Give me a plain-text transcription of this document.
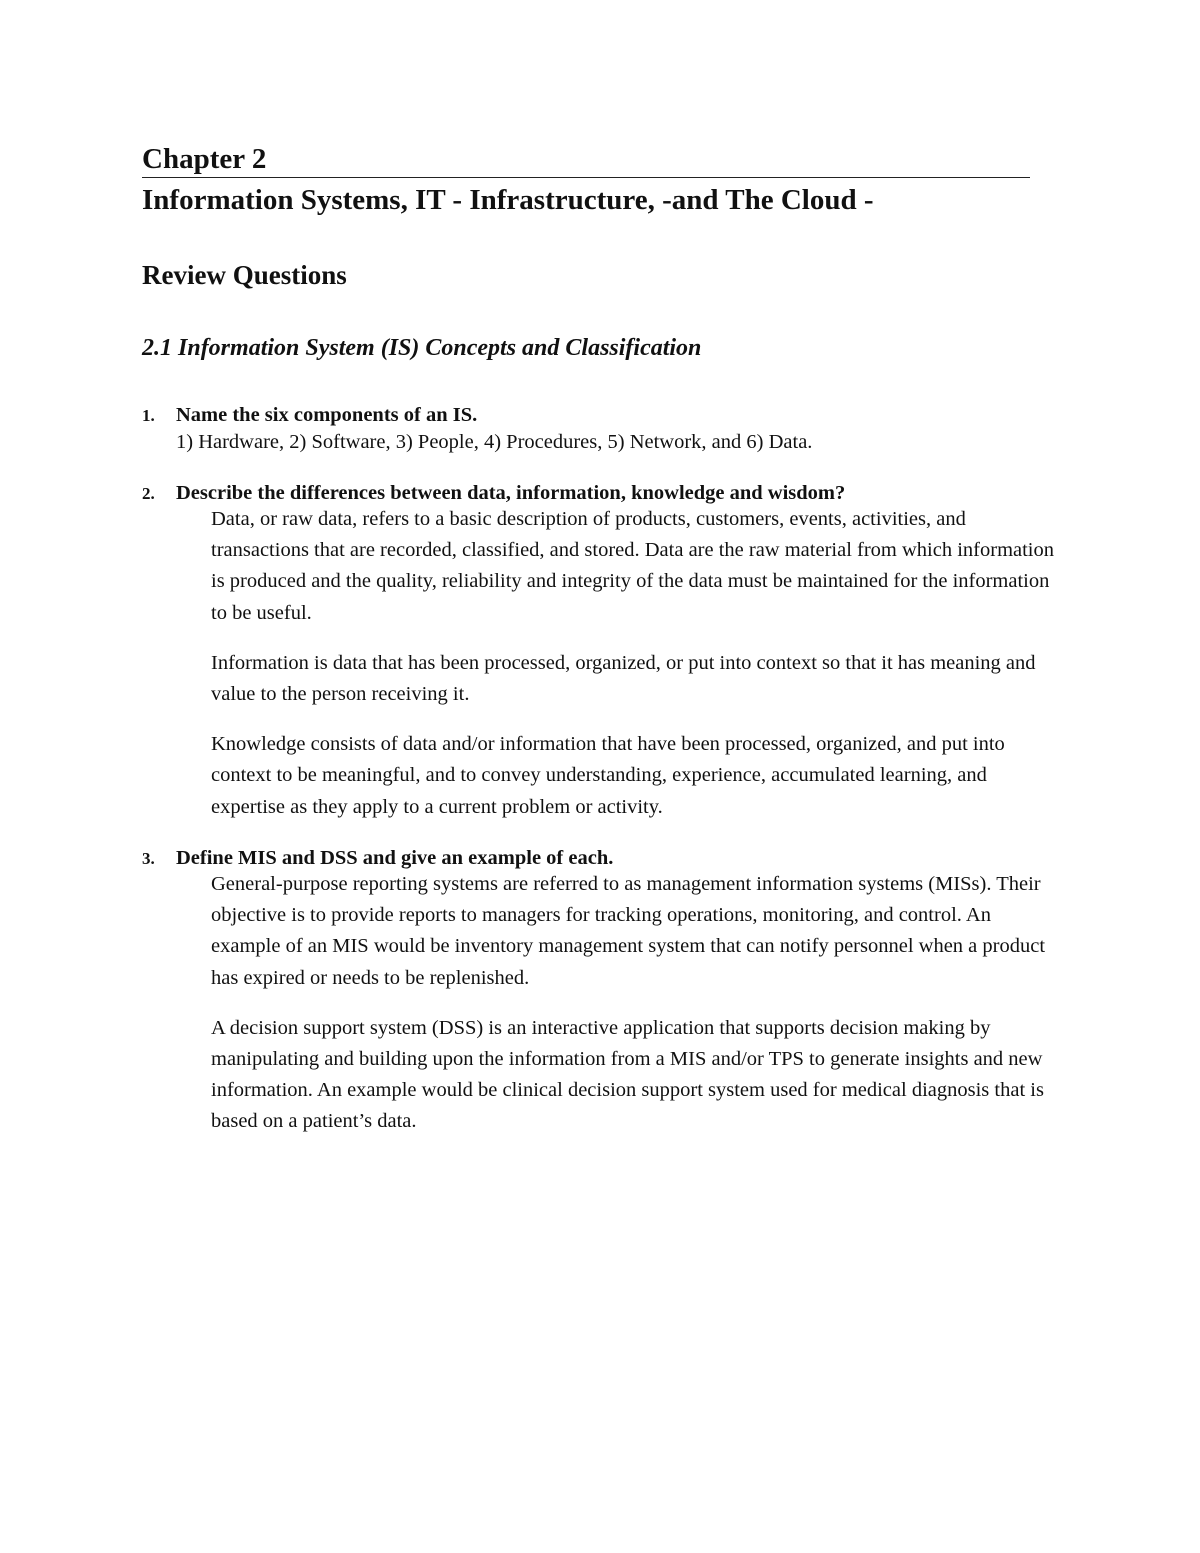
Chapter 2
Information Systems, IT - Infrastructure, -and The Cloud -
Review Questions
2.1 Information System (IS) Concepts and Classification
1. Name the six components of an IS.
1) Hardware, 2) Software, 3) People, 4) Procedures, 5) Network, and 6) Data.
2. Describe the differences between data, information, knowledge and wisdom?

Data, or raw data, refers to a basic description of products, customers, events, activities, and transactions that are recorded, classified, and stored. Data are the raw material from which information is produced and the quality, reliability and integrity of the data must be maintained for the information to be useful.

Information is data that has been processed, organized, or put into context so that it has meaning and value to the person receiving it.

Knowledge consists of data and/or information that have been processed, organized, and put into context to be meaningful, and to convey understanding, experience, accumulated learning, and expertise as they apply to a current problem or activity.

3. Define MIS and DSS and give an example of each.

General-purpose reporting systems are referred to as management information systems (MISs). Their objective is to provide reports to managers for tracking operations, monitoring, and control. An example of an MIS would be inventory management system that can notify personnel when a product has expired or needs to be replenished.

A decision support system (DSS) is an interactive application that supports decision making by manipulating and building upon the information from a MIS and/or TPS to generate insights and new information. An example would be clinical decision support system used for medical diagnosis that is based on a patient’s data.
